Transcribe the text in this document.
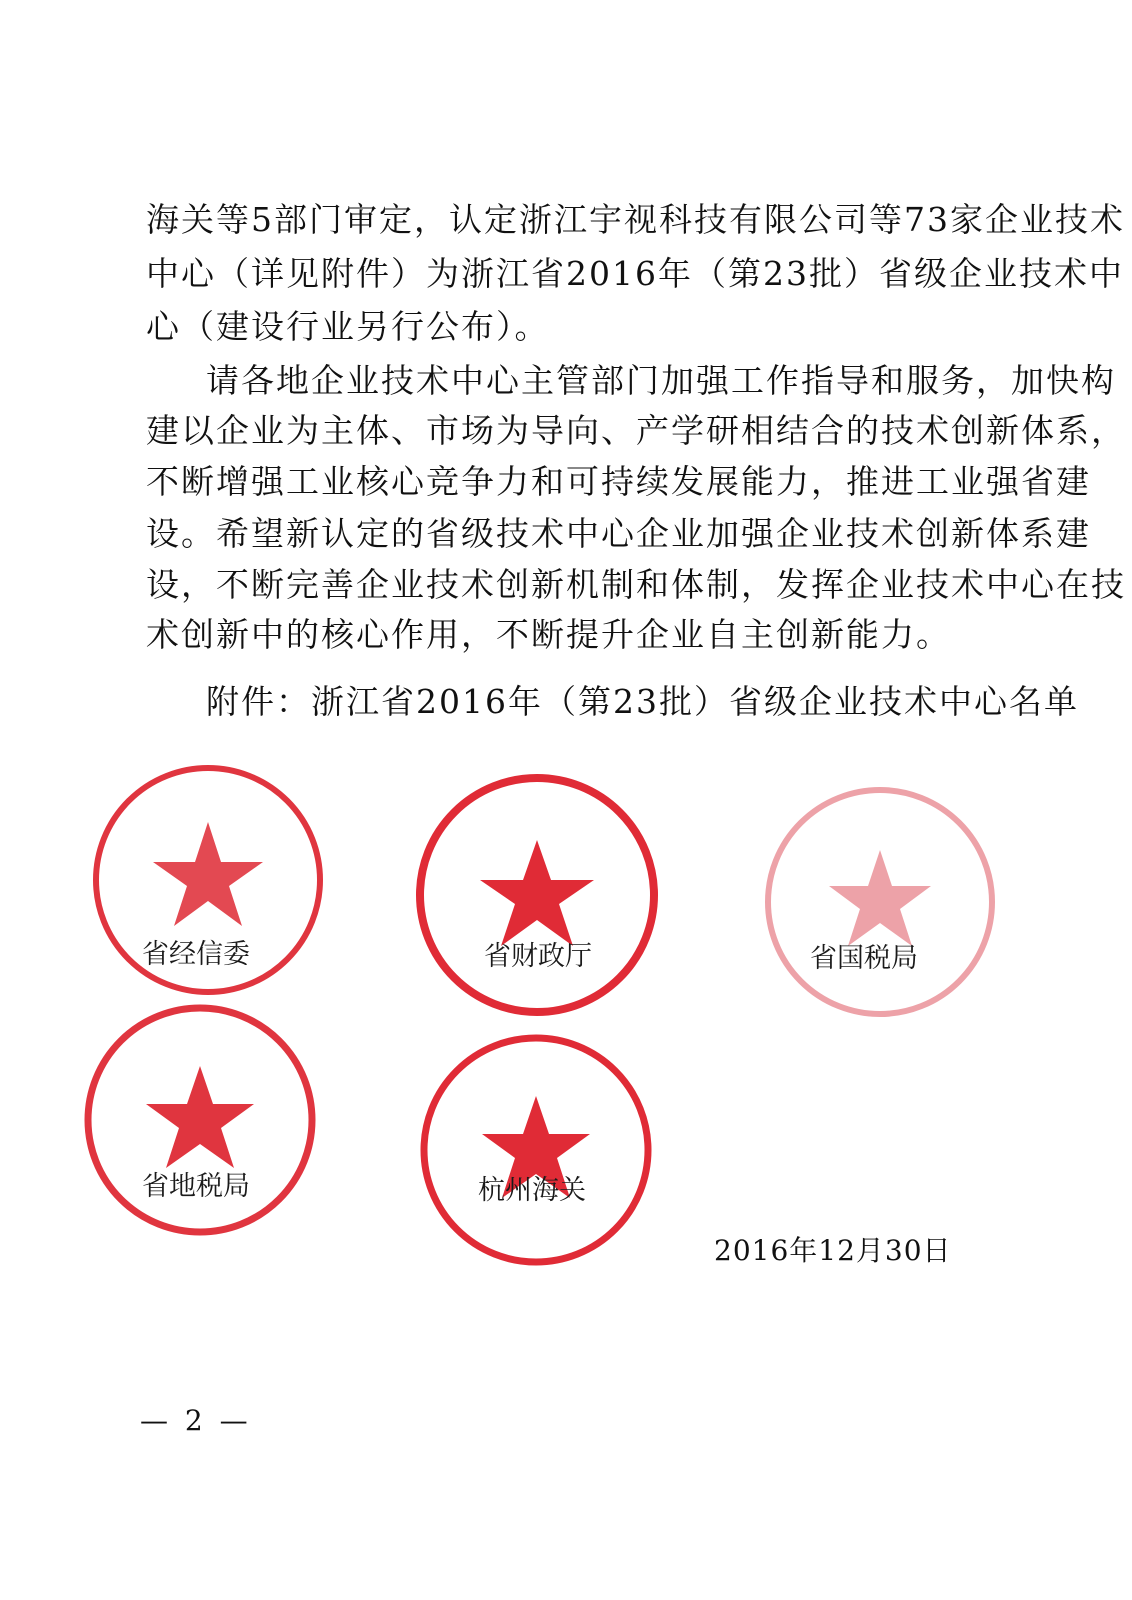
海关等5部门审定，认定浙江宇视科技有限公司等73家企业技术
中心（详见附件）为浙江省2016年（第23批）省级企业技术中
心（建设行业另行公布）。
请各地企业技术中心主管部门加强工作指导和服务，加快构
建以企业为主体、市场为导向、产学研相结合的技术创新体系，
不断增强工业核心竞争力和可持续发展能力，推进工业强省建
设。希望新认定的省级技术中心企业加强企业技术创新体系建
设，不断完善企业技术创新机制和体制，发挥企业技术中心在技
术创新中的核心作用，不断提升企业自主创新能力。
附件：浙江省2016年（第23批）省级企业技术中心名单
省经信委	省财政厅	省国税局
省地税局	杭州海关
2016年12月30日
— 2 —
